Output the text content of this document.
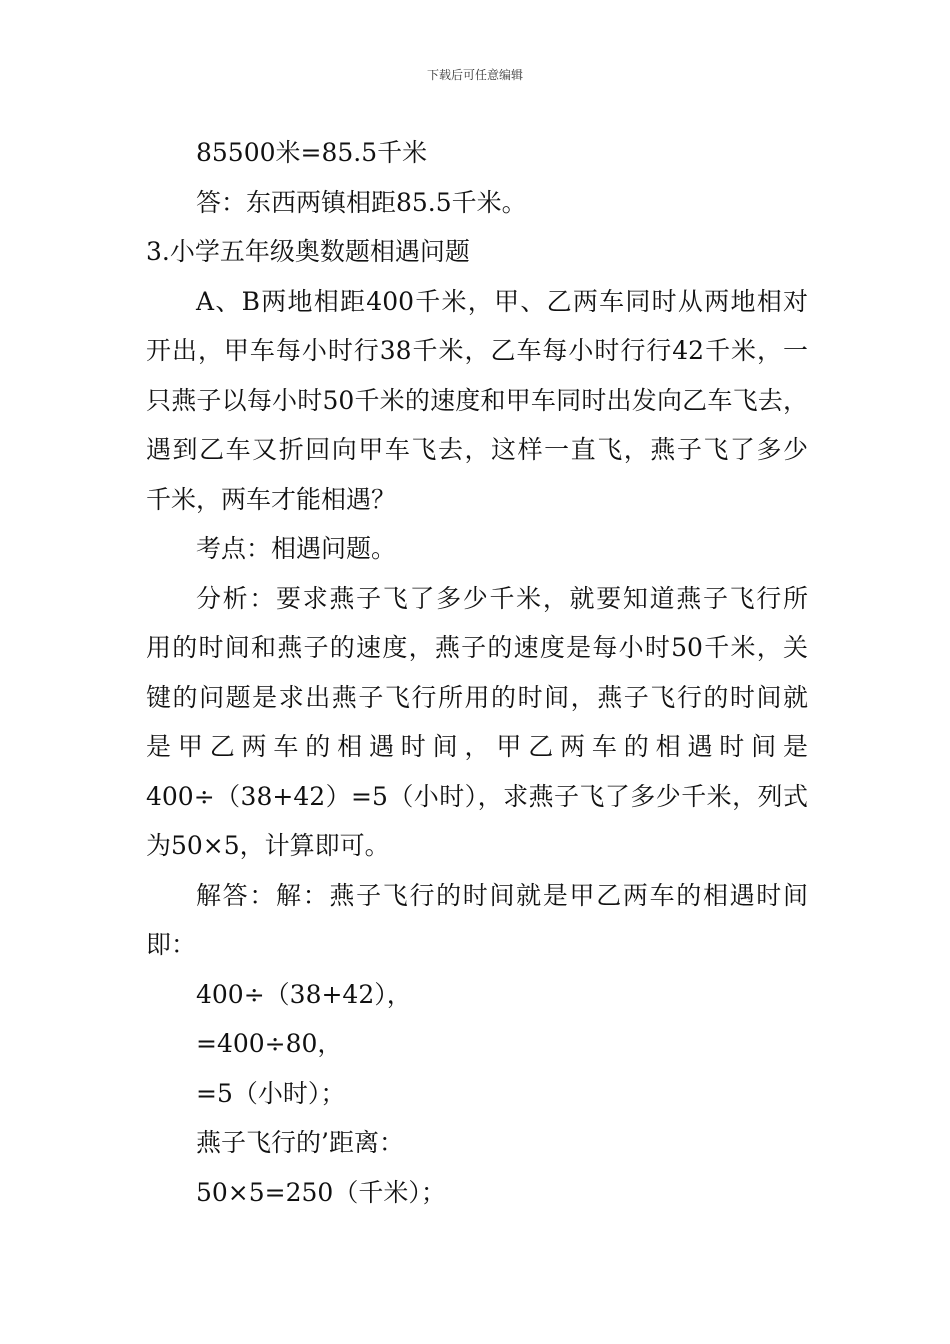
下载后可任意编辑

85500米=85.5千米

答：东西两镇相距85.5千米。

3.小学五年级奥数题相遇问题

A、B两地相距400千米，甲、乙两车同时从两地相对

开出，甲车每小时行38千米，乙车每小时行行42千米，一

只燕子以每小时50千米的速度和甲车同时出发向乙车飞去，

遇到乙车又折回向甲车飞去，这样一直飞，燕子飞了多少

千米，两车才能相遇？

考点：相遇问题。

分析：要求燕子飞了多少千米，就要知道燕子飞行所

用的时间和燕子的速度，燕子的速度是每小时50千米，关

键的问题是求出燕子飞行所用的时间，燕子飞行的时间就

是甲乙两车的相遇时间，甲乙两车的相遇时间是

400÷（38+42）=5（小时），求燕子飞了多少千米，列式

为50×5，计算即可。

解答：解：燕子飞行的时间就是甲乙两车的相遇时间

即：

400÷（38+42），

=400÷80，

=5（小时）；

燕子飞行的’距离：

50×5=250（千米）；
